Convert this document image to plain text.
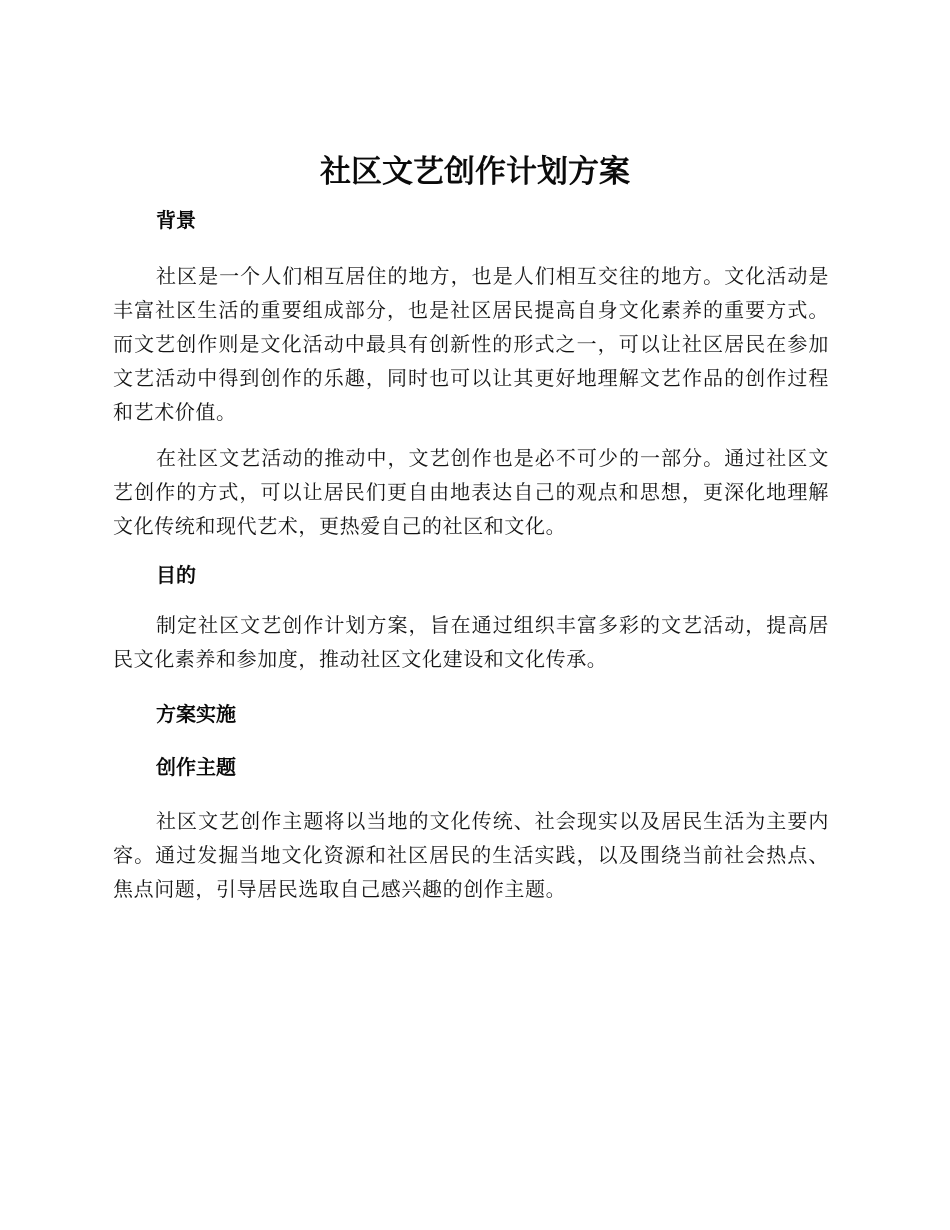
社区文艺创作计划方案
背景

社区是一个人们相互居住的地方，也是人们相互交往的地方。文化活动是丰富社区生活的重要组成部分，也是社区居民提高自身文化素养的重要方式。而文艺创作则是文化活动中最具有创新性的形式之一，可以让社区居民在参加文艺活动中得到创作的乐趣，同时也可以让其更好地理解文艺作品的创作过程和艺术价值。

在社区文艺活动的推动中，文艺创作也是必不可少的一部分。通过社区文艺创作的方式，可以让居民们更自由地表达自己的观点和思想，更深化地理解文化传统和现代艺术，更热爱自己的社区和文化。

目的

制定社区文艺创作计划方案，旨在通过组织丰富多彩的文艺活动，提高居民文化素养和参加度，推动社区文化建设和文化传承。

方案实施
创作主题

社区文艺创作主题将以当地的文化传统、社会现实以及居民生活为主要内容。通过发掘当地文化资源和社区居民的生活实践，以及围绕当前社会热点、焦点问题，引导居民选取自己感兴趣的创作主题。
